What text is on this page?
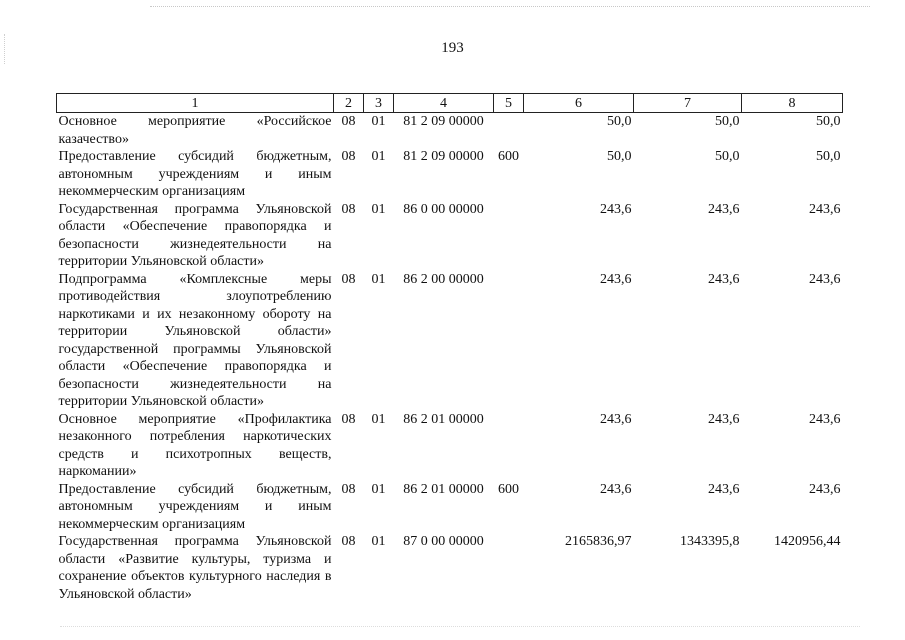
193
1	2	3	4	5	6	7	8
Основное мероприятие «Российское казачество»	08	01	81 2 09 00000		50,0	50,0	50,0
Предоставление субсидий бюджетным, автономным учреждениям и иным некоммерческим организациям	08	01	81 2 09 00000	600	50,0	50,0	50,0
Государственная программа Ульяновской области «Обеспечение правопорядка и безопасности жизнедеятельности на территории Ульяновской области»	08	01	86 0 00 00000		243,6	243,6	243,6
Подпрограмма «Комплексные меры противодействия злоупотреблению наркотиками и их незаконному обороту на территории Ульяновской области» государственной программы Ульяновской области «Обеспечение правопорядка и безопасности жизнедеятельности на территории Ульяновской области»	08	01	86 2 00 00000		243,6	243,6	243,6
Основное мероприятие «Профилактика незаконного потребления наркотических средств и психотропных веществ, наркомании»	08	01	86 2 01 00000		243,6	243,6	243,6
Предоставление субсидий бюджетным, автономным учреждениям и иным некоммерческим организациям	08	01	86 2 01 00000	600	243,6	243,6	243,6
Государственная программа Ульяновской области «Развитие культуры, туризма и сохранение объектов культурного наследия в Ульяновской области»	08	01	87 0 00 00000		2165836,97	1343395,8	1420956,44
